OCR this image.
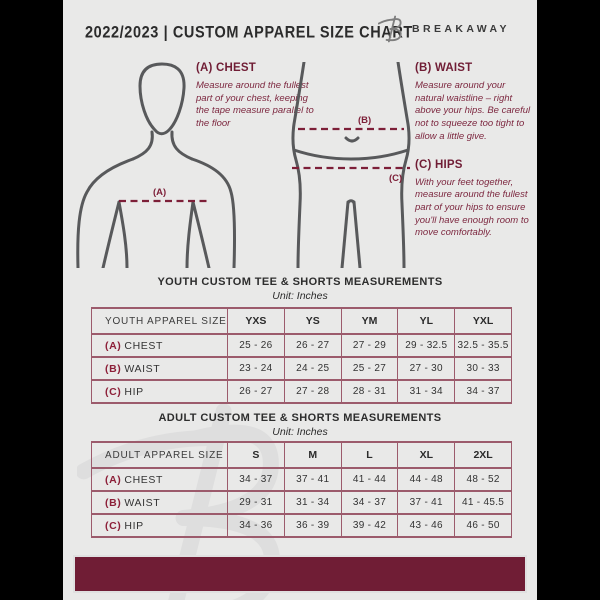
2022/2023 | CUSTOM APPAREL SIZE CHART BREAKAWAY
(A)
(A) CHEST
Measure around the fullest part of your chest, keeping the tape measure parallel to the floor	(B)
(C)
(B) WAIST
Measure around your natural waistline – right above your hips. Be careful not to squeeze too tight to allow a little give.
(C) HIPS
With your feet together, measure around the fullest part of your hips to ensure you'll have enough room to move comfortably.
YOUTH CUSTOM TEE & SHORTS MEASUREMENTS
Unit: Inches
YOUTH APPAREL SIZE	YXS	YS	YM	YL	YXL
(A) CHEST	25 - 26	26 - 27	27 - 29	29 - 32.5	32.5 - 35.5
(B) WAIST	23 - 24	24 - 25	25 - 27	27 - 30	30 - 33
(C) HIP	26 - 27	27 - 28	28 - 31	31 - 34	34 - 37
ADULT CUSTOM TEE & SHORTS MEASUREMENTS
Unit: Inches
ADULT APPAREL SIZE	S	M	L	XL	2XL
(A) CHEST	34 - 37	37 - 41	41 - 44	44 - 48	48 - 52
(B) WAIST	29 - 31	31 - 34	34 - 37	37 - 41	41 - 45.5
(C) HIP	34 - 36	36 - 39	39 - 42	43 - 46	46 - 50
